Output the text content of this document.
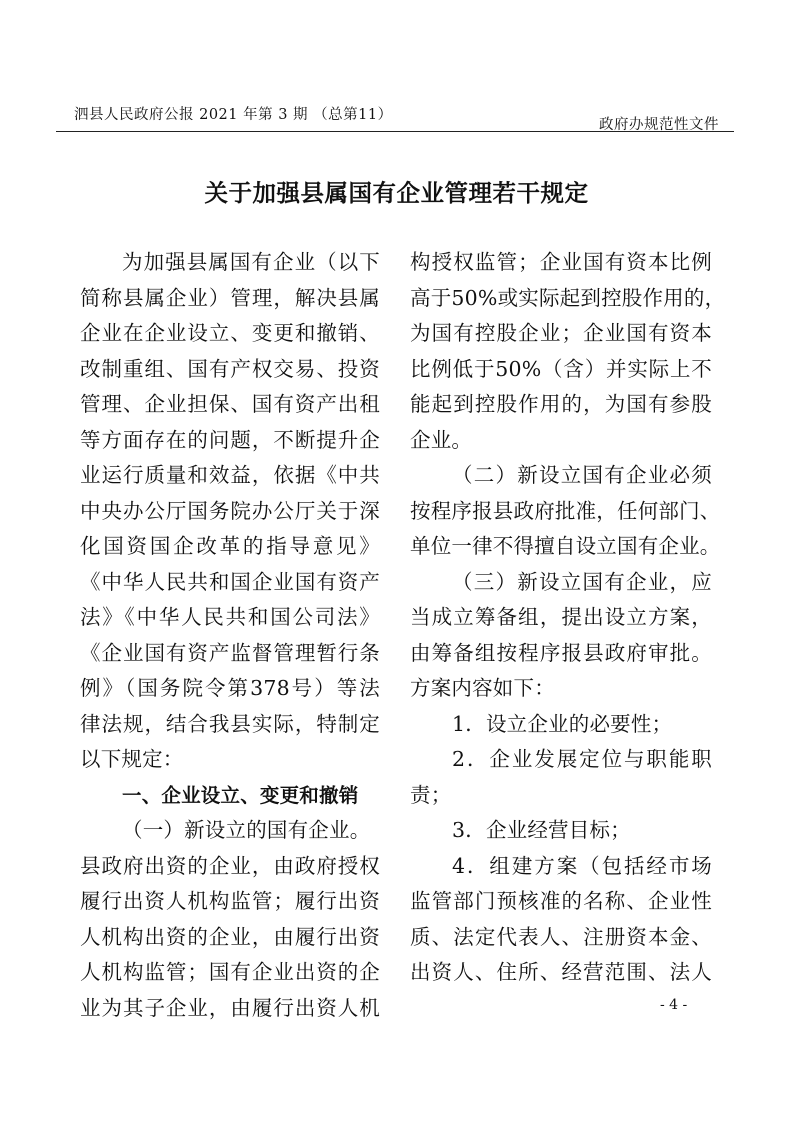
泗县人民政府公报 2021 年第 3 期 （总第11）
政府办规范性文件
关于加强县属国有企业管理若干规定
为加强县属国有企业（以下
简称县属企业）管理，解决县属
企业在企业设立、变更和撤销、
改制重组、国有产权交易、投资
管理、企业担保、国有资产出租
等方面存在的问题，不断提升企
业运行质量和效益，依据《中共
中央办公厅国务院办公厅关于深
化国资国企改革的指导意见》
《中华人民共和国企业国有资产
法》《中华人民共和国公司法》
《企业国有资产监督管理暂行条
例》（国务院令第378号）等法
律法规，结合我县实际，特制定
以下规定：
一、企业设立、变更和撤销
（一）新设立的国有企业。
县政府出资的企业，由政府授权
履行出资人机构监管；履行出资
人机构出资的企业，由履行出资
人机构监管；国有企业出资的企
业为其子企业，由履行出资人机
构授权监管；企业国有资本比例
高于50%或实际起到控股作用的，
为国有控股企业；企业国有资本
比例低于50%（含）并实际上不
能起到控股作用的，为国有参股
企业。
（二）新设立国有企业必须
按程序报县政府批准，任何部门、
单位一律不得擅自设立国有企业。
（三）新设立国有企业，应
当成立筹备组，提出设立方案，
由筹备组按程序报县政府审批。
方案内容如下：
1．设立企业的必要性；
2．企业发展定位与职能职
责；
3．企业经营目标；
4．组建方案（包括经市场
监管部门预核准的名称、企业性
质、法定代表人、注册资本金、
出资人、住所、经营范围、法人
- 4 -
